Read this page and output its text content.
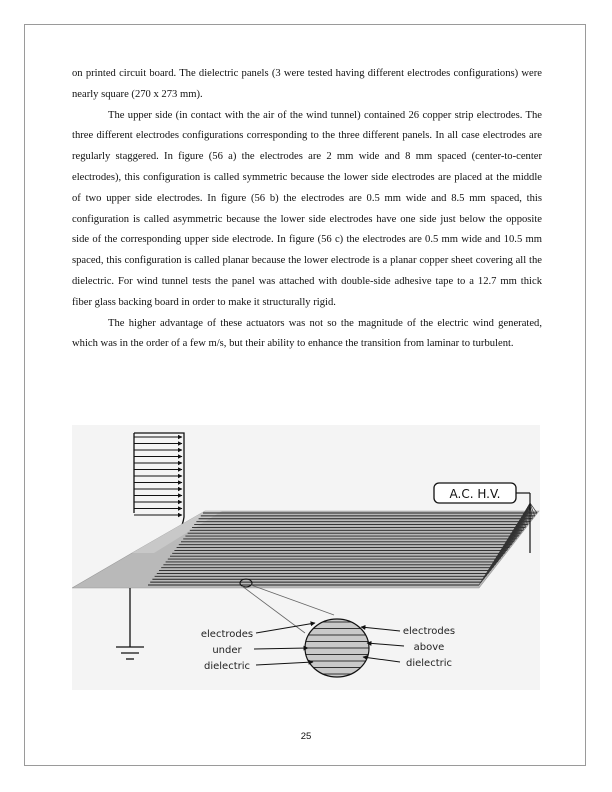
on printed circuit board. The dielectric panels (3 were tested having different electrodes configurations) were nearly square (270 x 273 mm).

The upper side (in contact with the air of the wind tunnel) contained 26 copper strip electrodes. The three different electrodes configurations corresponding to the three different panels. In all case electrodes are regularly staggered. In figure (56 a) the electrodes are 2 mm wide and 8 mm spaced (center-to-center electrodes), this configuration is called symmetric because the lower side electrodes are placed at the middle of two upper side electrodes. In figure (56 b) the electrodes are 0.5 mm wide and 8.5 mm spaced, this configuration is called asymmetric because the lower side electrodes have one side just below the opposite side of the corresponding upper side electrode. In figure (56 c) the electrodes are 0.5 mm wide and 10.5 mm spaced, this configuration is called planar because the lower electrode is a planar copper sheet covering all the dielectric. For wind tunnel tests the panel was attached with double-side adhesive tape to a 12.7 mm thick fiber glass backing board in order to make it structurally rigid.

The higher advantage of these actuators was not so the magnitude of the electric wind generated, which was in the order of a few m/s, but their ability to enhance the transition from laminar to turbulent.

A.C. H.V.
electrodes
under
dielectric
electrodes
above
dielectric
25
